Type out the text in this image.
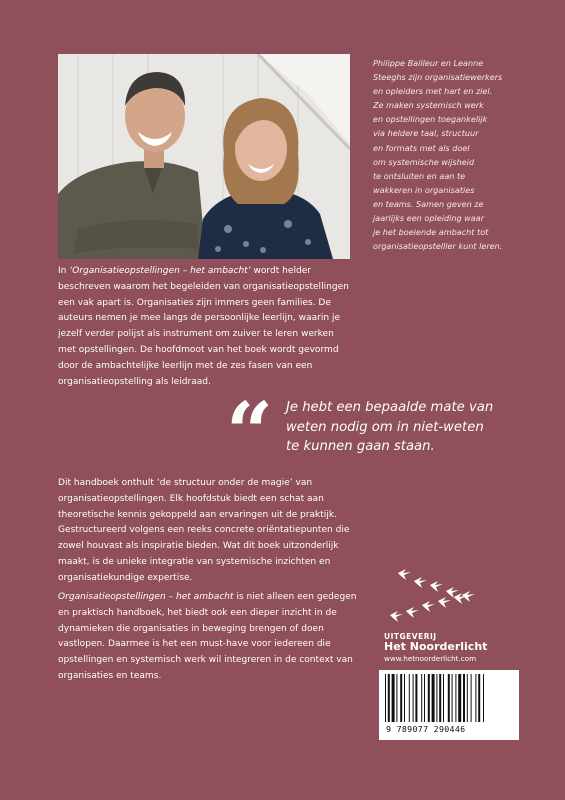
Philippe Bailleur en Leanne
Steeghs zijn organisatiewerkers
en opleiders met hart en ziel.
Ze maken systemisch werk
en opstellingen toegankelijk
via heldere taal, structuur
en formats met als doel
om systemische wijsheid
te ontsluiten en aan te
wakkeren in organisaties
en teams. Samen geven ze
jaarlijks een opleiding waar
je het boeiende ambacht tot
organisatieopstelller kunt leren.
In ‘Organisatieopstellingen – het ambacht’ wordt helder
beschreven waarom het begeleiden van organisatieopstellingen
een vak apart is. Organisaties zijn immers geen families. De
auteurs nemen je mee langs de persoonlijke leerlijn, waarin je
jezelf verder polijst als instrument om zuiver te leren werken
met opstellingen. De hoofdmoot van het boek wordt gevormd
door de ambachtelijke leerlijn met de zes fasen van een
organisatieopstelling als leidraad.
“ Je hebt een bepaalde mate van
weten nodig om in niet-weten
te kunnen gaan staan.
Dit handboek onthult ‘de structuur onder de magie’ van
organisatieopstellingen. Elk hoofdstuk biedt een schat aan
theoretische kennis gekoppeld aan ervaringen uit de praktijk.
Gestructureerd volgens een reeks concrete oriëntatiepunten die
zowel houvast als inspiratie bieden. Wat dit boek uitzonderlijk
maakt, is de unieke integratie van systemische inzichten en
organisatiekundige expertise.
Organisatieopstellingen – het ambacht is niet alleen een gedegen
en praktisch handboek, het biedt ook een dieper inzicht in de
dynamieken die organisaties in beweging brengen of doen
vastlopen. Daarmee is het een must-have voor iedereen die
opstellingen en systemisch werk wil integreren in de context van
organisaties en teams.
UITGEVERIJ
Het Noorderlicht
www.hetnoorderlicht.com
9 789077 290446
